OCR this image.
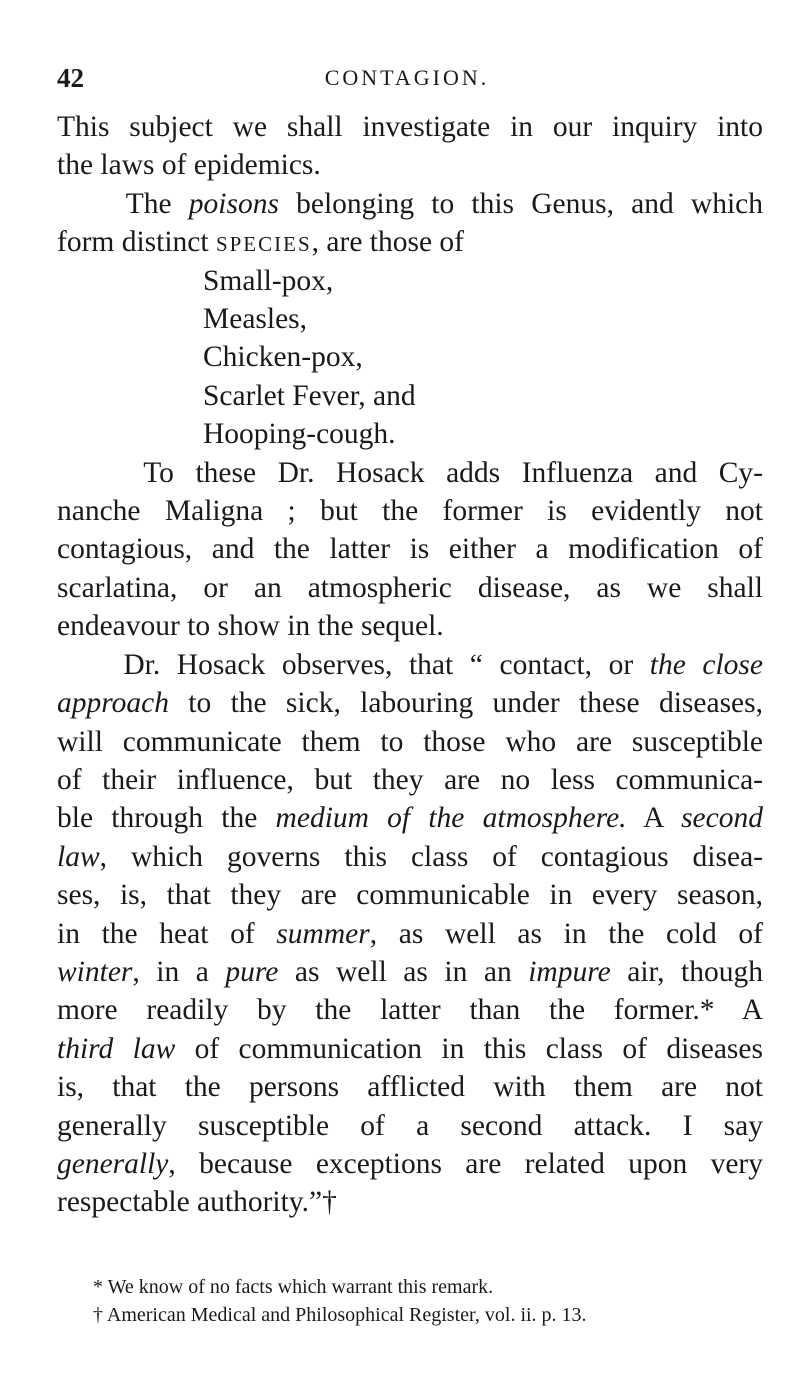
42	CONTAGION.

This subject we shall investigate in our inquiry into
the laws of epidemics.

The poisons belonging to this Genus, and which
form distinct species, are those of

Small-pox,
Measles,
Chicken-pox,
Scarlet Fever, and
Hooping-cough.

To these Dr. Hosack adds Influenza and Cy-
nanche Maligna ; but the former is evidently not
contagious, and the latter is either a modification of
scarlatina, or an atmospheric disease, as we shall
endeavour to show in the sequel.

Dr. Hosack observes, that “ contact, or the close
approach to the sick, labouring under these diseases,
will communicate them to those who are susceptible
of their influence, but they are no less communica-
ble through the medium of the atmosphere. A second
law, which governs this class of contagious disea-
ses, is, that they are communicable in every season,
in the heat of summer, as well as in the cold of
winter, in a pure as well as in an impure air, though
more readily by the latter than the former.* A
third law of communication in this class of diseases
is, that the persons afflicted with them are not
generally susceptible of a second attack. I say
generally, because exceptions are related upon very
respectable authority.”†

* We know of no facts which warrant this remark.
† American Medical and Philosophical Register, vol. ii. p. 13.
